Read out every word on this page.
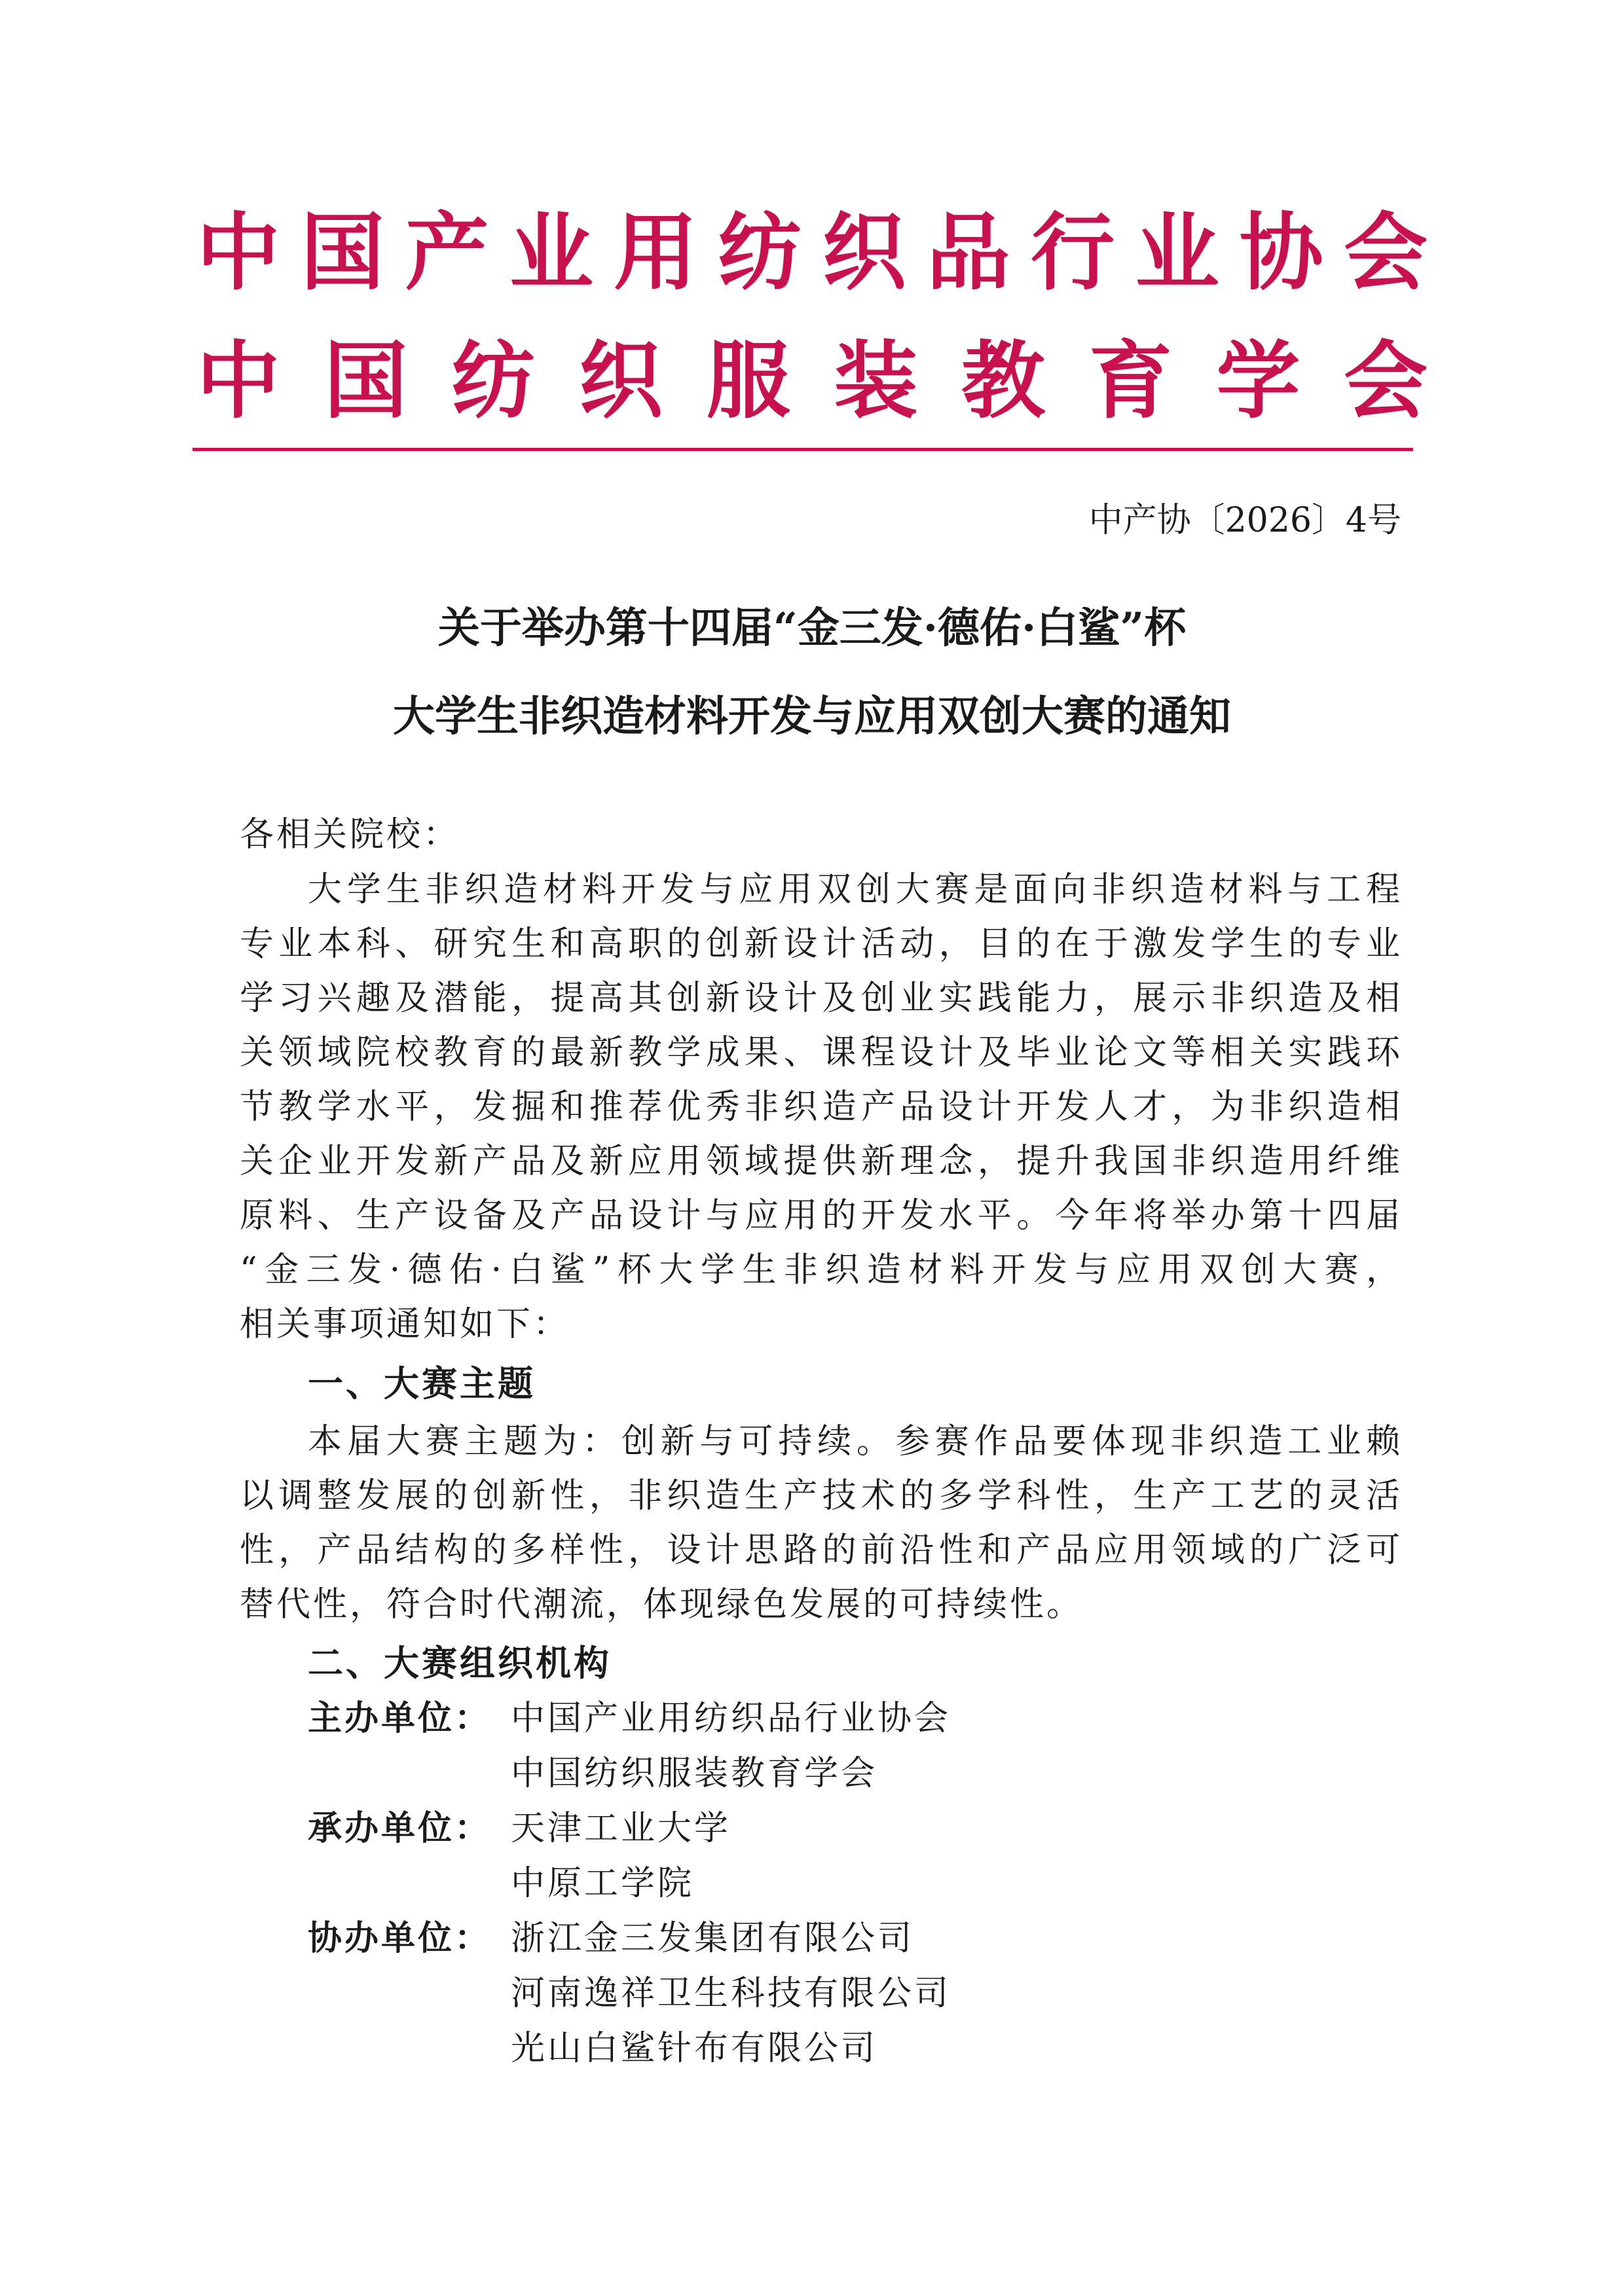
中国产业用纺织品行业协会
中国纺织服装教育学会
中产协〔2026〕4号
关于举办第十四届“金三发·德佑·白鲨”杯
大学生非织造材料开发与应用双创大赛的通知
各相关院校：
大学生非织造材料开发与应用双创大赛是面向非织造材料与工程
专业本科、研究生和高职的创新设计活动，目的在于激发学生的专业
学习兴趣及潜能，提高其创新设计及创业实践能力，展示非织造及相
关领域院校教育的最新教学成果、课程设计及毕业论文等相关实践环
节教学水平，发掘和推荐优秀非织造产品设计开发人才，为非织造相
关企业开发新产品及新应用领域提供新理念，提升我国非织造用纤维
原料、生产设备及产品设计与应用的开发水平。今年将举办第十四届
“金三发·德佑·白鲨”杯大学生非织造材料开发与应用双创大赛，
相关事项通知如下：
一、大赛主题
本届大赛主题为：创新与可持续。参赛作品要体现非织造工业赖
以调整发展的创新性，非织造生产技术的多学科性，生产工艺的灵活
性，产品结构的多样性，设计思路的前沿性和产品应用领域的广泛可
替代性，符合时代潮流，体现绿色发展的可持续性。
二、大赛组织机构
主办单位： 中国产业用纺织品行业协会
中国纺织服装教育学会
承办单位： 天津工业大学
中原工学院
协办单位： 浙江金三发集团有限公司
河南逸祥卫生科技有限公司
光山白鲨针布有限公司
